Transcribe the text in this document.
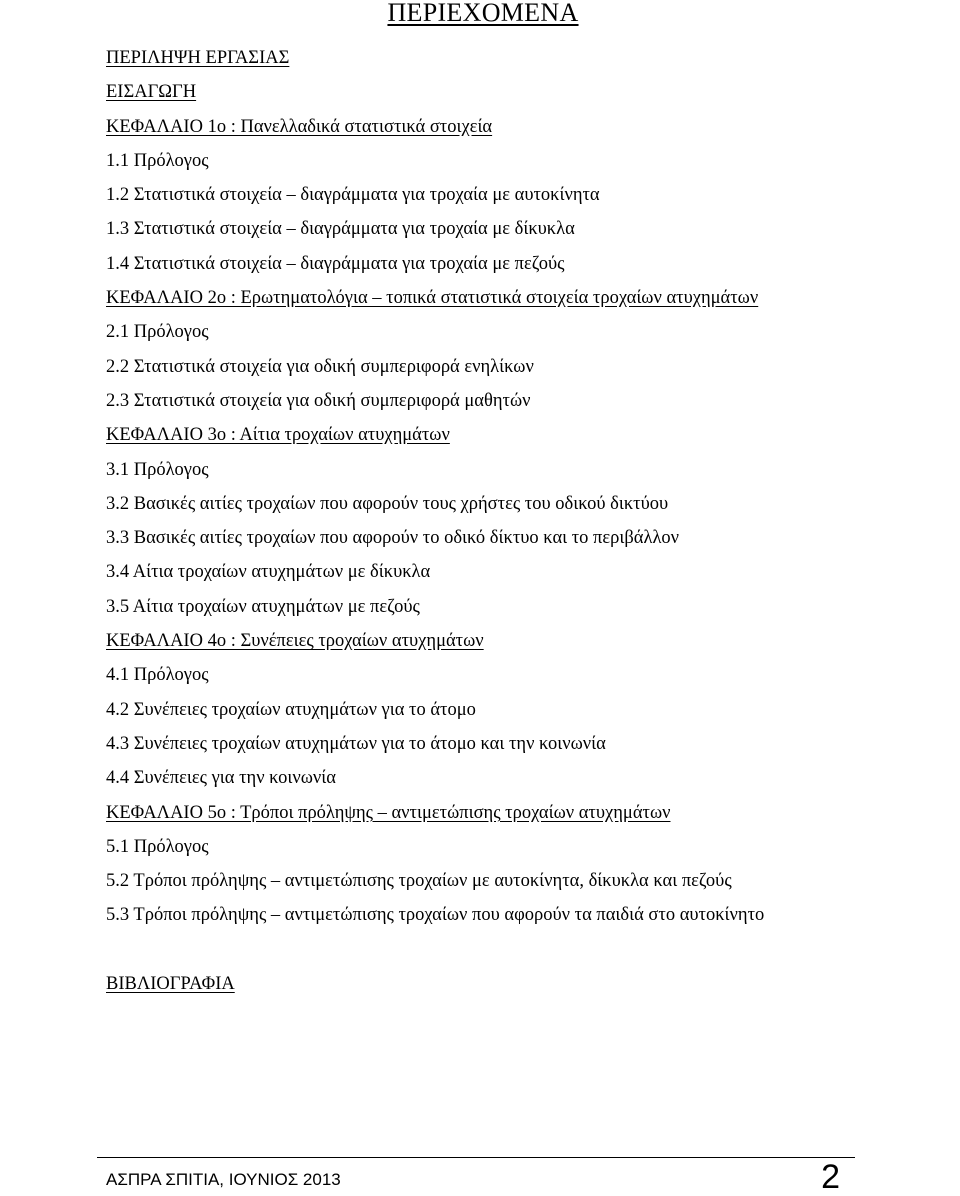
ΠΕΡΙΕΧΟΜΕΝΑ
ΠΕΡΙΛΗΨΗ ΕΡΓΑΣΙΑΣ
ΕΙΣΑΓΩΓΗ
ΚΕΦΑΛΑΙΟ 1ο : Πανελλαδικά στατιστικά στοιχεία
1.1 Πρόλογος
1.2 Στατιστικά στοιχεία – διαγράμματα για τροχαία με αυτοκίνητα
1.3 Στατιστικά στοιχεία – διαγράμματα για τροχαία με δίκυκλα
1.4 Στατιστικά στοιχεία – διαγράμματα για τροχαία με πεζούς
ΚΕΦΑΛΑΙΟ 2ο : Ερωτηματολόγια – τοπικά στατιστικά στοιχεία τροχαίων ατυχημάτων
2.1 Πρόλογος
2.2 Στατιστικά στοιχεία για οδική συμπεριφορά ενηλίκων
2.3 Στατιστικά στοιχεία για οδική συμπεριφορά μαθητών
ΚΕΦΑΛΑΙΟ 3ο : Αίτια τροχαίων ατυχημάτων
3.1 Πρόλογος
3.2 Βασικές αιτίες τροχαίων που αφορούν τους χρήστες του οδικού δικτύου
3.3 Βασικές αιτίες τροχαίων που αφορούν το οδικό δίκτυο και το περιβάλλον
3.4 Αίτια τροχαίων ατυχημάτων με δίκυκλα
3.5 Αίτια τροχαίων ατυχημάτων με πεζούς
ΚΕΦΑΛΑΙΟ 4ο : Συνέπειες τροχαίων ατυχημάτων
4.1 Πρόλογος
4.2 Συνέπειες τροχαίων ατυχημάτων για το άτομο
4.3 Συνέπειες τροχαίων ατυχημάτων για το άτομο και την κοινωνία
4.4 Συνέπειες για την κοινωνία
ΚΕΦΑΛΑΙΟ 5ο : Τρόποι πρόληψης – αντιμετώπισης τροχαίων ατυχημάτων
5.1 Πρόλογος
5.2 Τρόποι πρόληψης – αντιμετώπισης τροχαίων με αυτοκίνητα, δίκυκλα και πεζούς
5.3 Τρόποι πρόληψης – αντιμετώπισης τροχαίων που αφορούν τα παιδιά στο αυτοκίνητο
ΒΙΒΛΙΟΓΡΑΦΙΑ
ΑΣΠΡΑ ΣΠΙΤΙΑ, ΙΟΥΝΙΟΣ 2013	2
